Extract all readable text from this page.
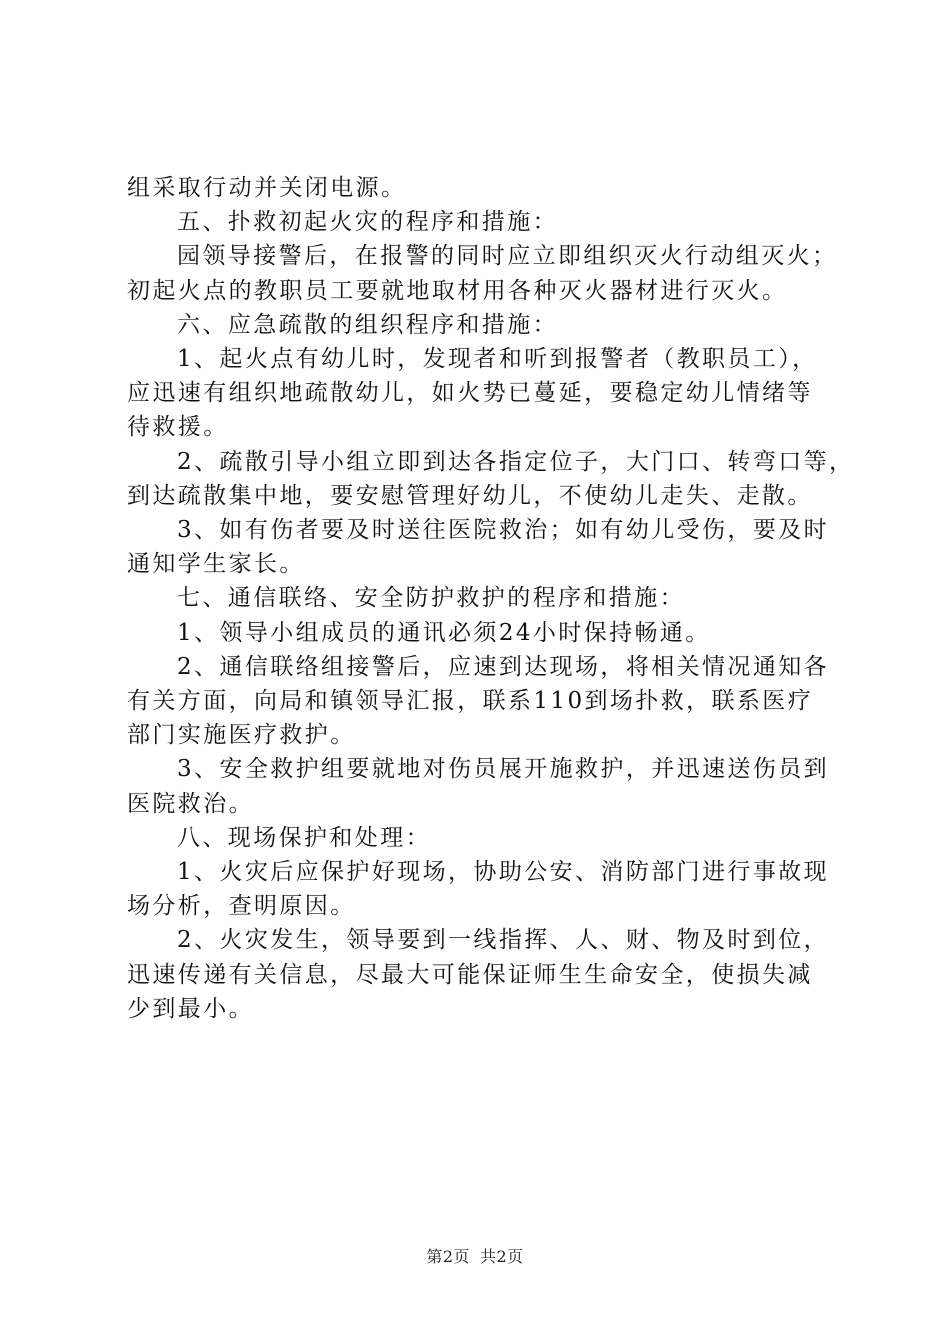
组采取行动并关闭电源。

五、扑救初起火灾的程序和措施：

园领导接警后，在报警的同时应立即组织灭火行动组灭火；

初起火点的教职员工要就地取材用各种灭火器材进行灭火。

六、应急疏散的组织程序和措施：

1、起火点有幼儿时，发现者和听到报警者（教职员工），

应迅速有组织地疏散幼儿，如火势已蔓延，要稳定幼儿情绪等

待救援。

2、疏散引导小组立即到达各指定位子，大门口、转弯口等，

到达疏散集中地，要安慰管理好幼儿，不使幼儿走失、走散。

3、如有伤者要及时送往医院救治；如有幼儿受伤，要及时

通知学生家长。

七、通信联络、安全防护救护的程序和措施：

1、领导小组成员的通讯必须24小时保持畅通。

2、通信联络组接警后，应速到达现场，将相关情况通知各

有关方面，向局和镇领导汇报，联系110到场扑救，联系医疗

部门实施医疗救护。

3、安全救护组要就地对伤员展开施救护，并迅速送伤员到

医院救治。

八、现场保护和处理：

1、火灾后应保护好现场，协助公安、消防部门进行事故现

场分析，查明原因。

2、火灾发生，领导要到一线指挥、人、财、物及时到位，

迅速传递有关信息，尽最大可能保证师生生命安全，使损失减

少到最小。

第2页 共2页
